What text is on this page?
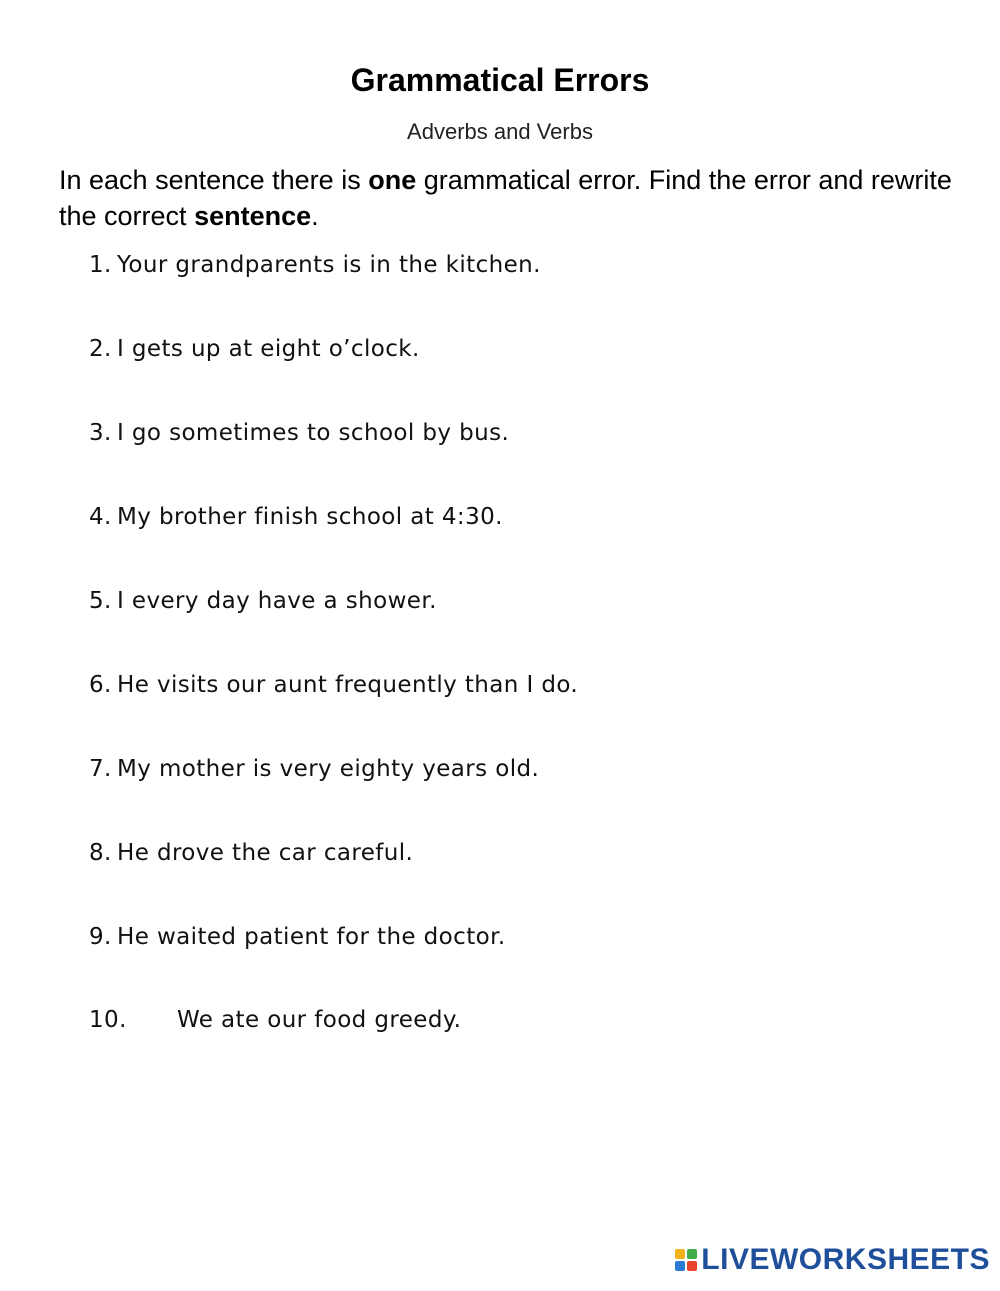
Grammatical Errors
Adverbs and Verbs
In each sentence there is one grammatical error. Find the error and rewrite the correct sentence.
1. Your grandparents is in the kitchen.
2. I gets up at eight o’clock.
3. I go sometimes to school by bus.
4. My brother finish school at 4:30.
5. I every day have a shower.
6. He visits our aunt frequently than I do.
7. My mother is very eighty years old.
8. He drove the car careful.
9. He waited patient for the doctor.
10. We ate our food greedy.
LIVEWORKSHEETS
